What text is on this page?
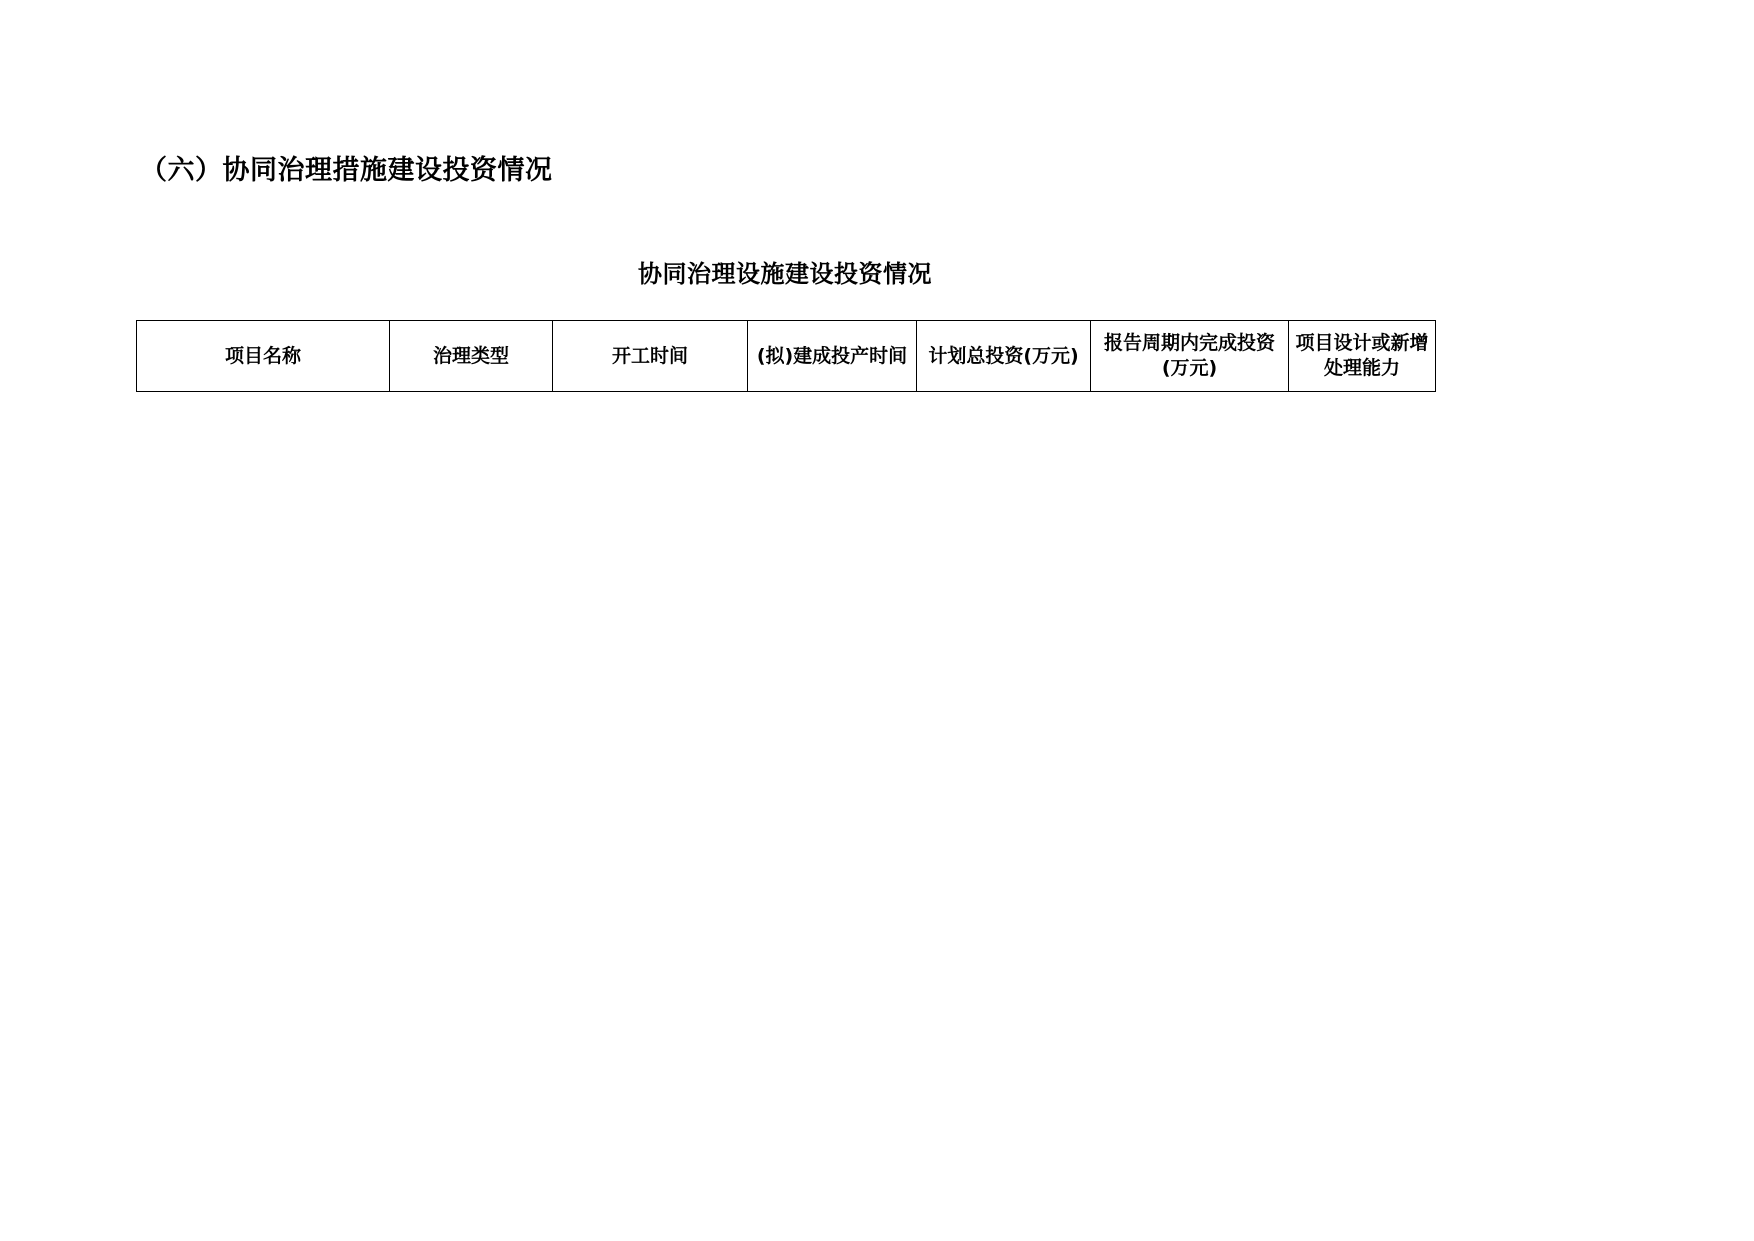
（六）协同治理措施建设投资情况
协同治理设施建设投资情况
项目名称	治理类型	开工时间	(拟)建成投产时间	计划总投资(万元)	报告周期内完成投资(万元)	项目设计或新增处理能力
